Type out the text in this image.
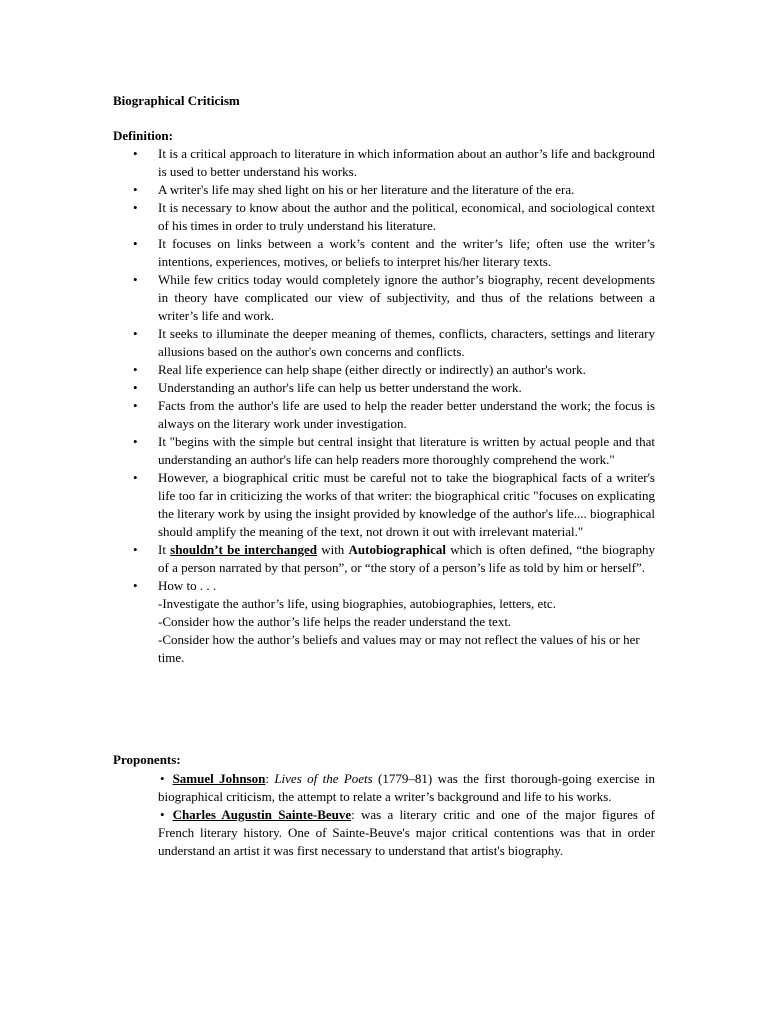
Biographical Criticism

Definition:

• It is a critical approach to literature in which information about an author’s life and background is used to better understand his works.
• A writer's life may shed light on his or her literature and the literature of the era.
• It is necessary to know about the author and the political, economical, and sociological context of his times in order to truly understand his literature.
• It focuses on links between a work’s content and the writer’s life; often use the writer’s intentions, experiences, motives, or beliefs to interpret his/her literary texts.
• While few critics today would completely ignore the author’s biography, recent developments in theory have complicated our view of subjectivity, and thus of the relations between a writer’s life and work.
• It seeks to illuminate the deeper meaning of themes, conflicts, characters, settings and literary allusions based on the author's own concerns and conflicts.
• Real life experience can help shape (either directly or indirectly) an author's work.
• Understanding an author's life can help us better understand the work.
• Facts from the author's life are used to help the reader better understand the work; the focus is always on the literary work under investigation.
• It "begins with the simple but central insight that literature is written by actual people and that understanding an author's life can help readers more thoroughly comprehend the work."
• However, a biographical critic must be careful not to take the biographical facts of a writer's life too far in criticizing the works of that writer: the biographical critic "focuses on explicating the literary work by using the insight provided by knowledge of the author's life.... biographical should amplify the meaning of the text, not drown it out with irrelevant material."
• It shouldn’t be interchanged with Autobiographical which is often defined, “the biography of a person narrated by that person”, or “the story of a person’s life as told by him or herself”.
• How to . . .
-Investigate the author’s life, using biographies, autobiographies, letters, etc.
-Consider how the author’s life helps the reader understand the text.
-Consider how the author’s beliefs and values may or may not reflect the values of his or her time.

Proponents:

• Samuel Johnson: Lives of the Poets (1779–81) was the first thorough-going exercise in biographical criticism, the attempt to relate a writer’s background and life to his works.
• Charles Augustin Sainte-Beuve: was a literary critic and one of the major figures of French literary history. One of Sainte-Beuve's major critical contentions was that in order understand an artist it was first necessary to understand that artist's biography.
